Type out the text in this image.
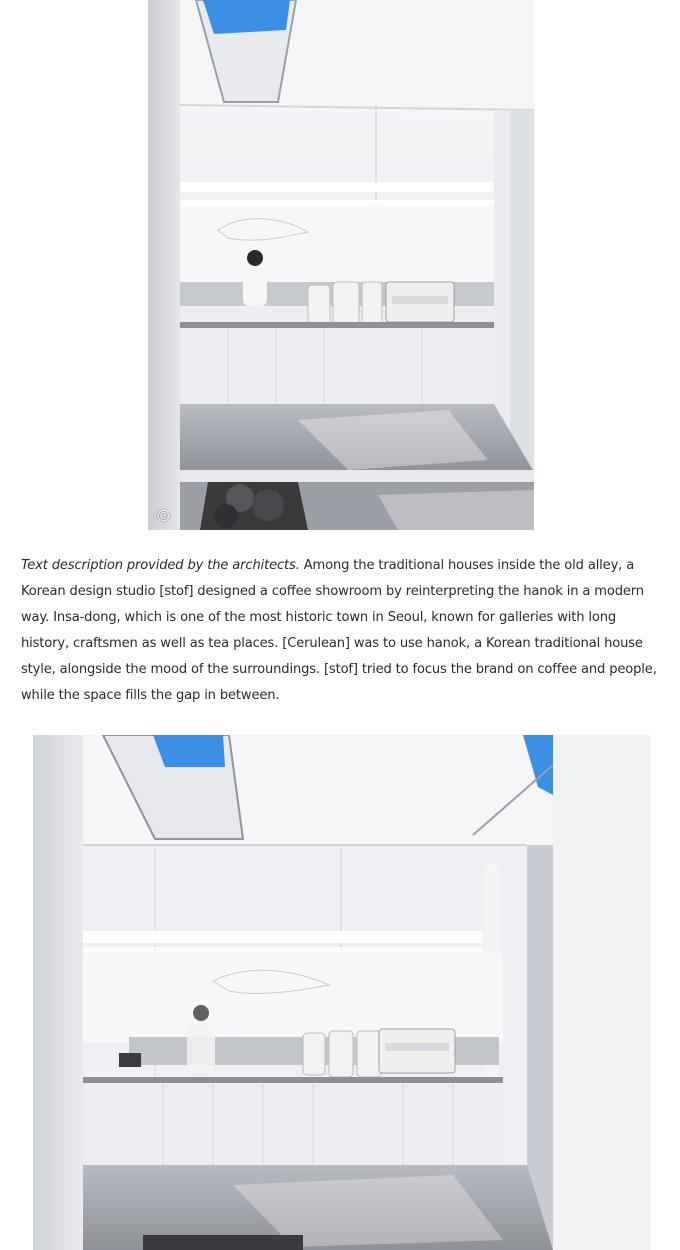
©

Text description provided by the architects. Among the traditional houses inside the old alley, a Korean design studio [stof] designed a coffee showroom by reinterpreting the hanok in a modern way. Insa-dong, which is one of the most historic town in Seoul, known for galleries with long history, craftsmen as well as tea places. [Cerulean] was to use hanok, a Korean traditional house style, alongside the mood of the surroundings. [stof] tried to focus the brand on coffee and people, while the space fills the gap in between.
